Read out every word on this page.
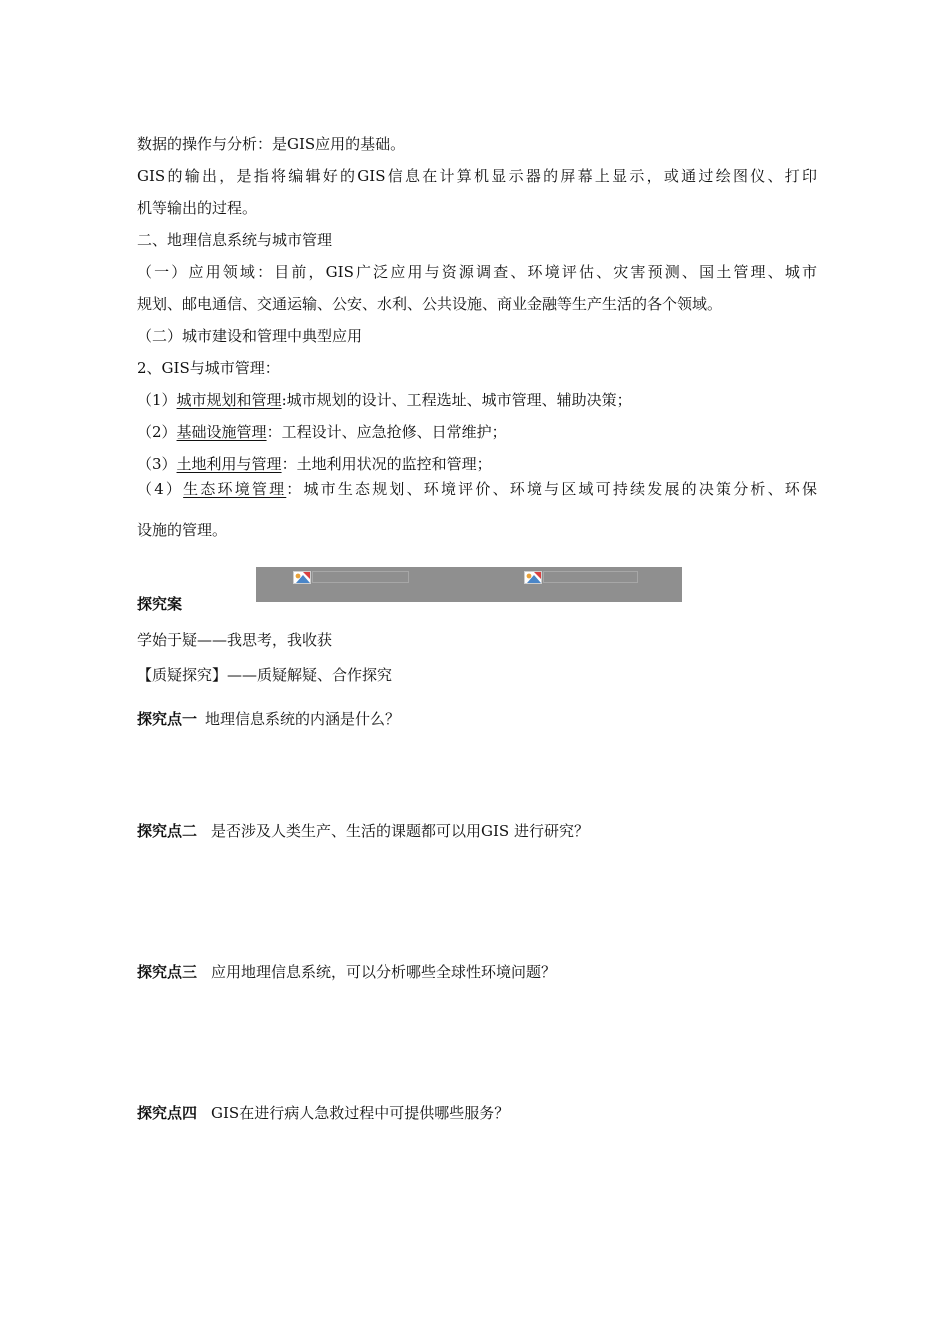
数据的操作与分析：是GIS应用的基础。
GIS的输出，是指将编辑好的GIS信息在计算机显示器的屏幕上显示，或通过绘图仪、打印
机等输出的过程。
二、地理信息系统与城市管理
（一）应用领域：目前，GIS广泛应用与资源调查、环境评估、灾害预测、国土管理、城市
规划、邮电通信、交通运输、公安、水利、公共设施、商业金融等生产生活的各个领域。
（二）城市建设和管理中典型应用
2、GIS与城市管理：
（1）城市规划和管理:城市规划的设计、工程选址、城市管理、辅助决策；
（2）基础设施管理：工程设计、应急抢修、日常维护；
（3）土地利用与管理：土地利用状况的监控和管理；
（4）生态环境管理：城市生态规划、环境评价、环境与区域可持续发展的决策分析、环保
设施的管理。
探究案
学始于疑——我思考，我收获
【质疑探究】——质疑解疑、合作探究
探究点一 地理信息系统的内涵是什么？
探究点二 是否涉及人类生产、生活的课题都可以用GIS 进行研究？
探究点三 应用地理信息系统，可以分析哪些全球性环境问题？
探究点四 GIS在进行病人急救过程中可提供哪些服务？
